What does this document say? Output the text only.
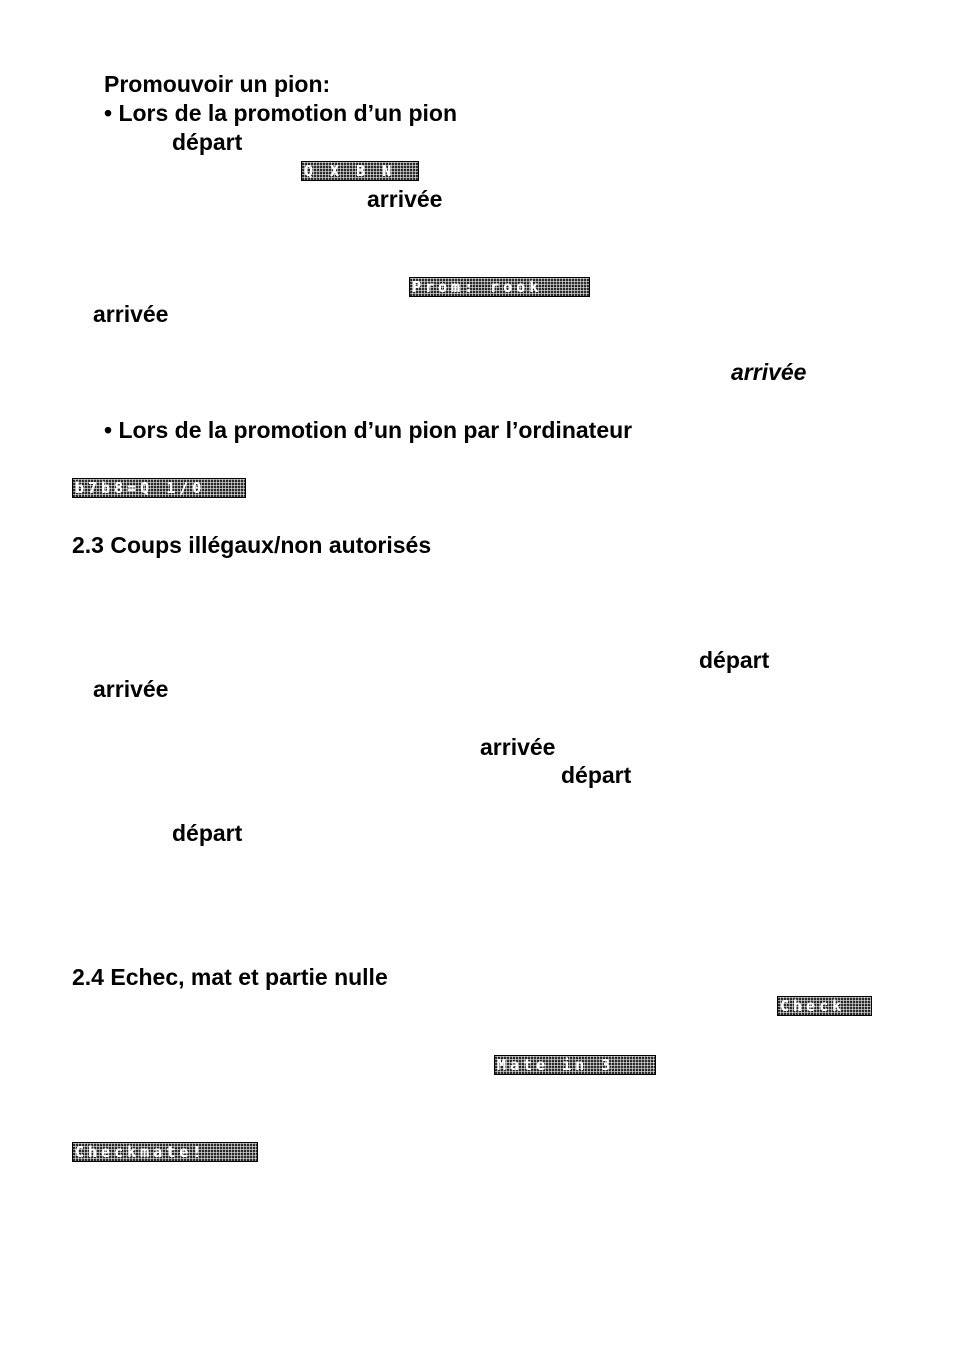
Promouvoir un pion:
• Lors de la promotion d’un pion
départ
Q X B N
arrivée
Prom: rook
arrivée
arrivée
• Lors de la promotion d’un pion par l’ordinateur
b7b8=Q 1/0
2.3 Coups illégaux/non autorisés
départ
arrivée
arrivée
départ
départ
2.4 Echec, mat et partie nulle
Check
Mate in 3
Checkmate!
